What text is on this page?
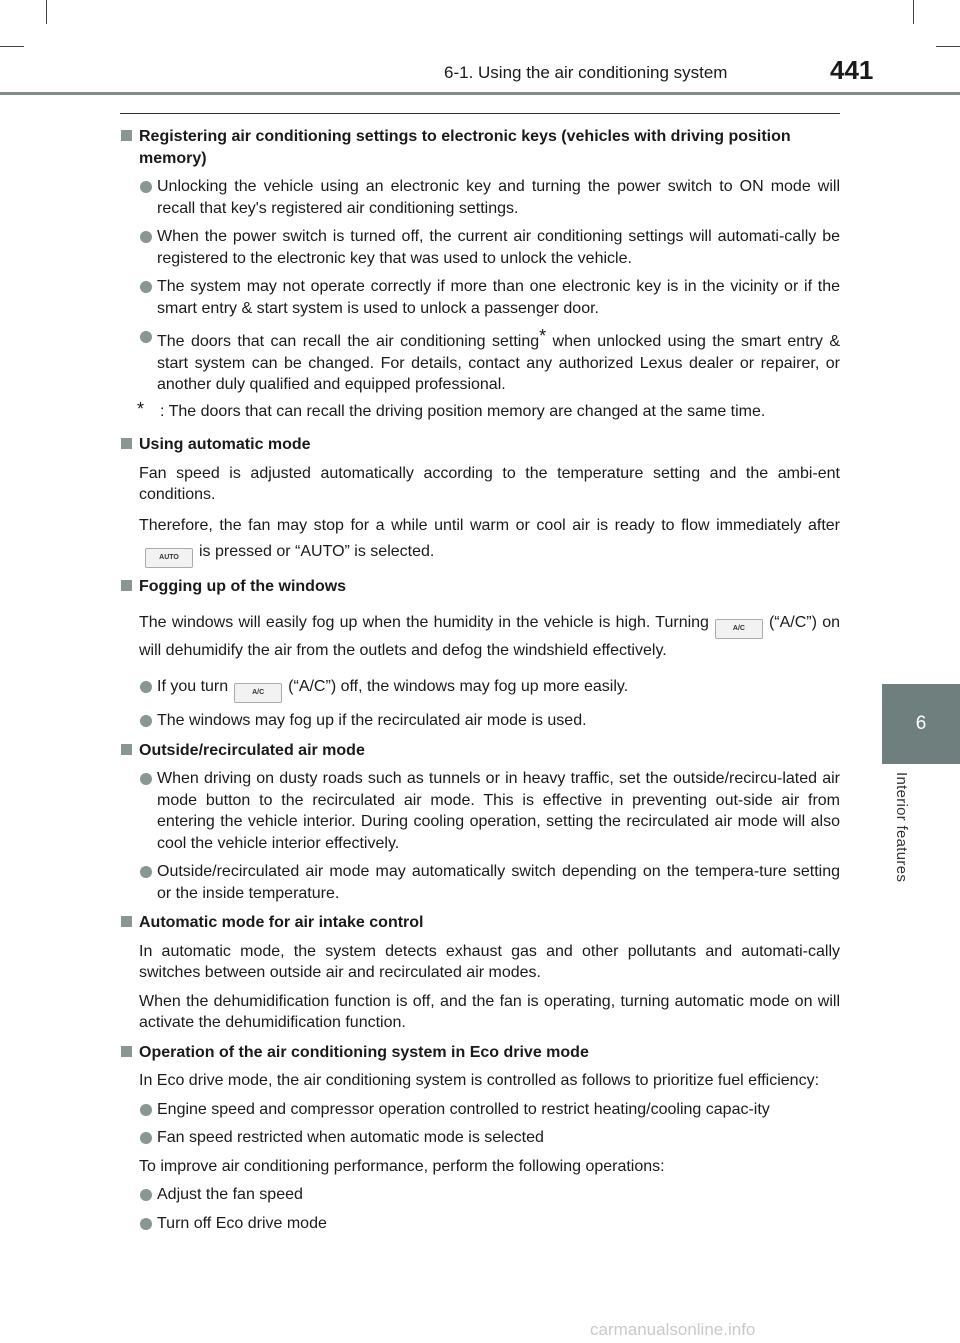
6-1. Using the air conditioning system	441
6
Interior features
Registering air conditioning settings to electronic keys (vehicles with driving position memory)
Unlocking the vehicle using an electronic key and turning the power switch to ON mode will recall that key's registered air conditioning settings.
When the power switch is turned off, the current air conditioning settings will automati-cally be registered to the electronic key that was used to unlock the vehicle.
The system may not operate correctly if more than one electronic key is in the vicinity or if the smart entry & start system is used to unlock a passenger door.
The doors that can recall the air conditioning setting* when unlocked using the smart entry & start system can be changed. For details, contact any authorized Lexus dealer or repairer, or another duly qualified and equipped professional.
* : The doors that can recall the driving position memory are changed at the same time.
Using automatic mode
Fan speed is adjusted automatically according to the temperature setting and the ambi-ent conditions.
Therefore, the fan may stop for a while until warm or cool air is ready to flow immediately afterAUTO is pressed or “AUTO” is selected.
Fogging up of the windows
The windows will easily fog up when the humidity in the vehicle is high. Turning	A/C (“A/C”) on will dehumidify the air from the outlets and defog the windshield effectively.
If you turn	A/C (“A/C”) off, the windows may fog up more easily.
The windows may fog up if the recirculated air mode is used.
Outside/recirculated air mode
When driving on dusty roads such as tunnels or in heavy traffic, set the outside/recircu-lated air mode button to the recirculated air mode. This is effective in preventing out-side air from entering the vehicle interior. During cooling operation, setting the recirculated air mode will also cool the vehicle interior effectively.
Outside/recirculated air mode may automatically switch depending on the tempera-ture setting or the inside temperature.
Automatic mode for air intake control
In automatic mode, the system detects exhaust gas and other pollutants and automati-cally switches between outside air and recirculated air modes.
When the dehumidification function is off, and the fan is operating, turning automatic mode on will activate the dehumidification function.
Operation of the air conditioning system in Eco drive mode
In Eco drive mode, the air conditioning system is controlled as follows to prioritize fuel efficiency:
Engine speed and compressor operation controlled to restrict heating/cooling capac-ity
Fan speed restricted when automatic mode is selected
To improve air conditioning performance, perform the following operations:
Adjust the fan speed
Turn off Eco drive mode
carmanualsonline.info
